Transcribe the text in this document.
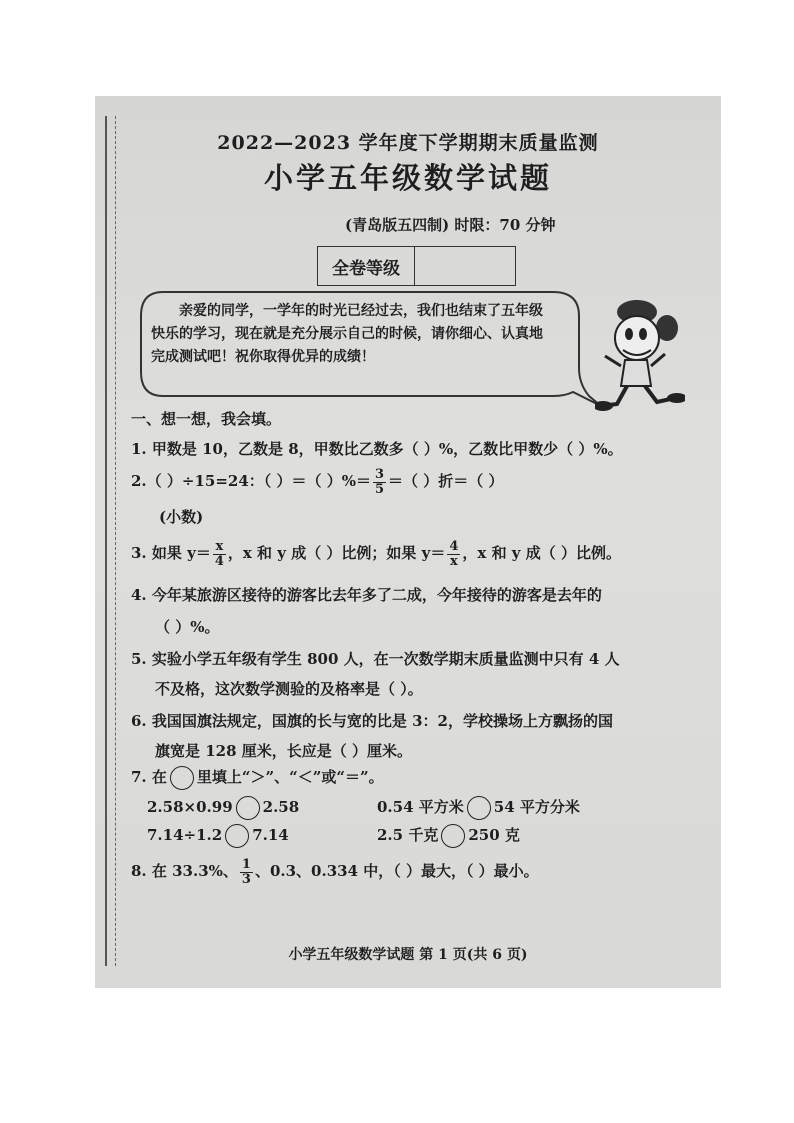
2022—2023 学年度下学期期末质量监测
小学五年级数学试题
(青岛版五四制) 时限：70 分钟
全卷等级
亲爱的同学，一学年的时光已经过去，我们也结束了五年级快乐的学习，现在就是充分展示自己的时候，请你细心、认真地完成测试吧！祝你取得优异的成绩！
一、想一想，我会填。
1. 甲数是 10，乙数是 8，甲数比乙数多（ ）%，乙数比甲数少（ ）%。
2.（ ）÷15=24：（ ）＝（ ）%＝ $\frac{3}{5}$ ＝（ ）折＝（ ）
(小数)
3. 如果 $y= \frac{x}{4}$ ，x 和 y 成（ ）比例；如果 $y= \frac{4}{x}$ ，x 和 y 成（ ）比例。
4. 今年某旅游区接待的游客比去年多了二成，今年接待的游客是去年的
（ ）%。
5. 实验小学五年级有学生 800 人，在一次数学期末质量监测中只有 4 人
不及格，这次数学测验的及格率是（ ）。
6. 我国国旗法规定，国旗的长与宽的比是 3：2，学校操场上方飘扬的国
旗宽是 128 厘米，长应是（ ）厘米。
7. 在 里填上“＞”、“＜”或“＝”。
2.58×0.99 2.58	0.54 平方米 54 平方分米
7.14÷1.2 7.14	2.5 千克 250 克
8. 在 33.3%、 $\frac{1}{3}$ 、0.3、0.334 中，（ ）最大，（ ）最小。
小学五年级数学试题 第 1 页(共 6 页)
